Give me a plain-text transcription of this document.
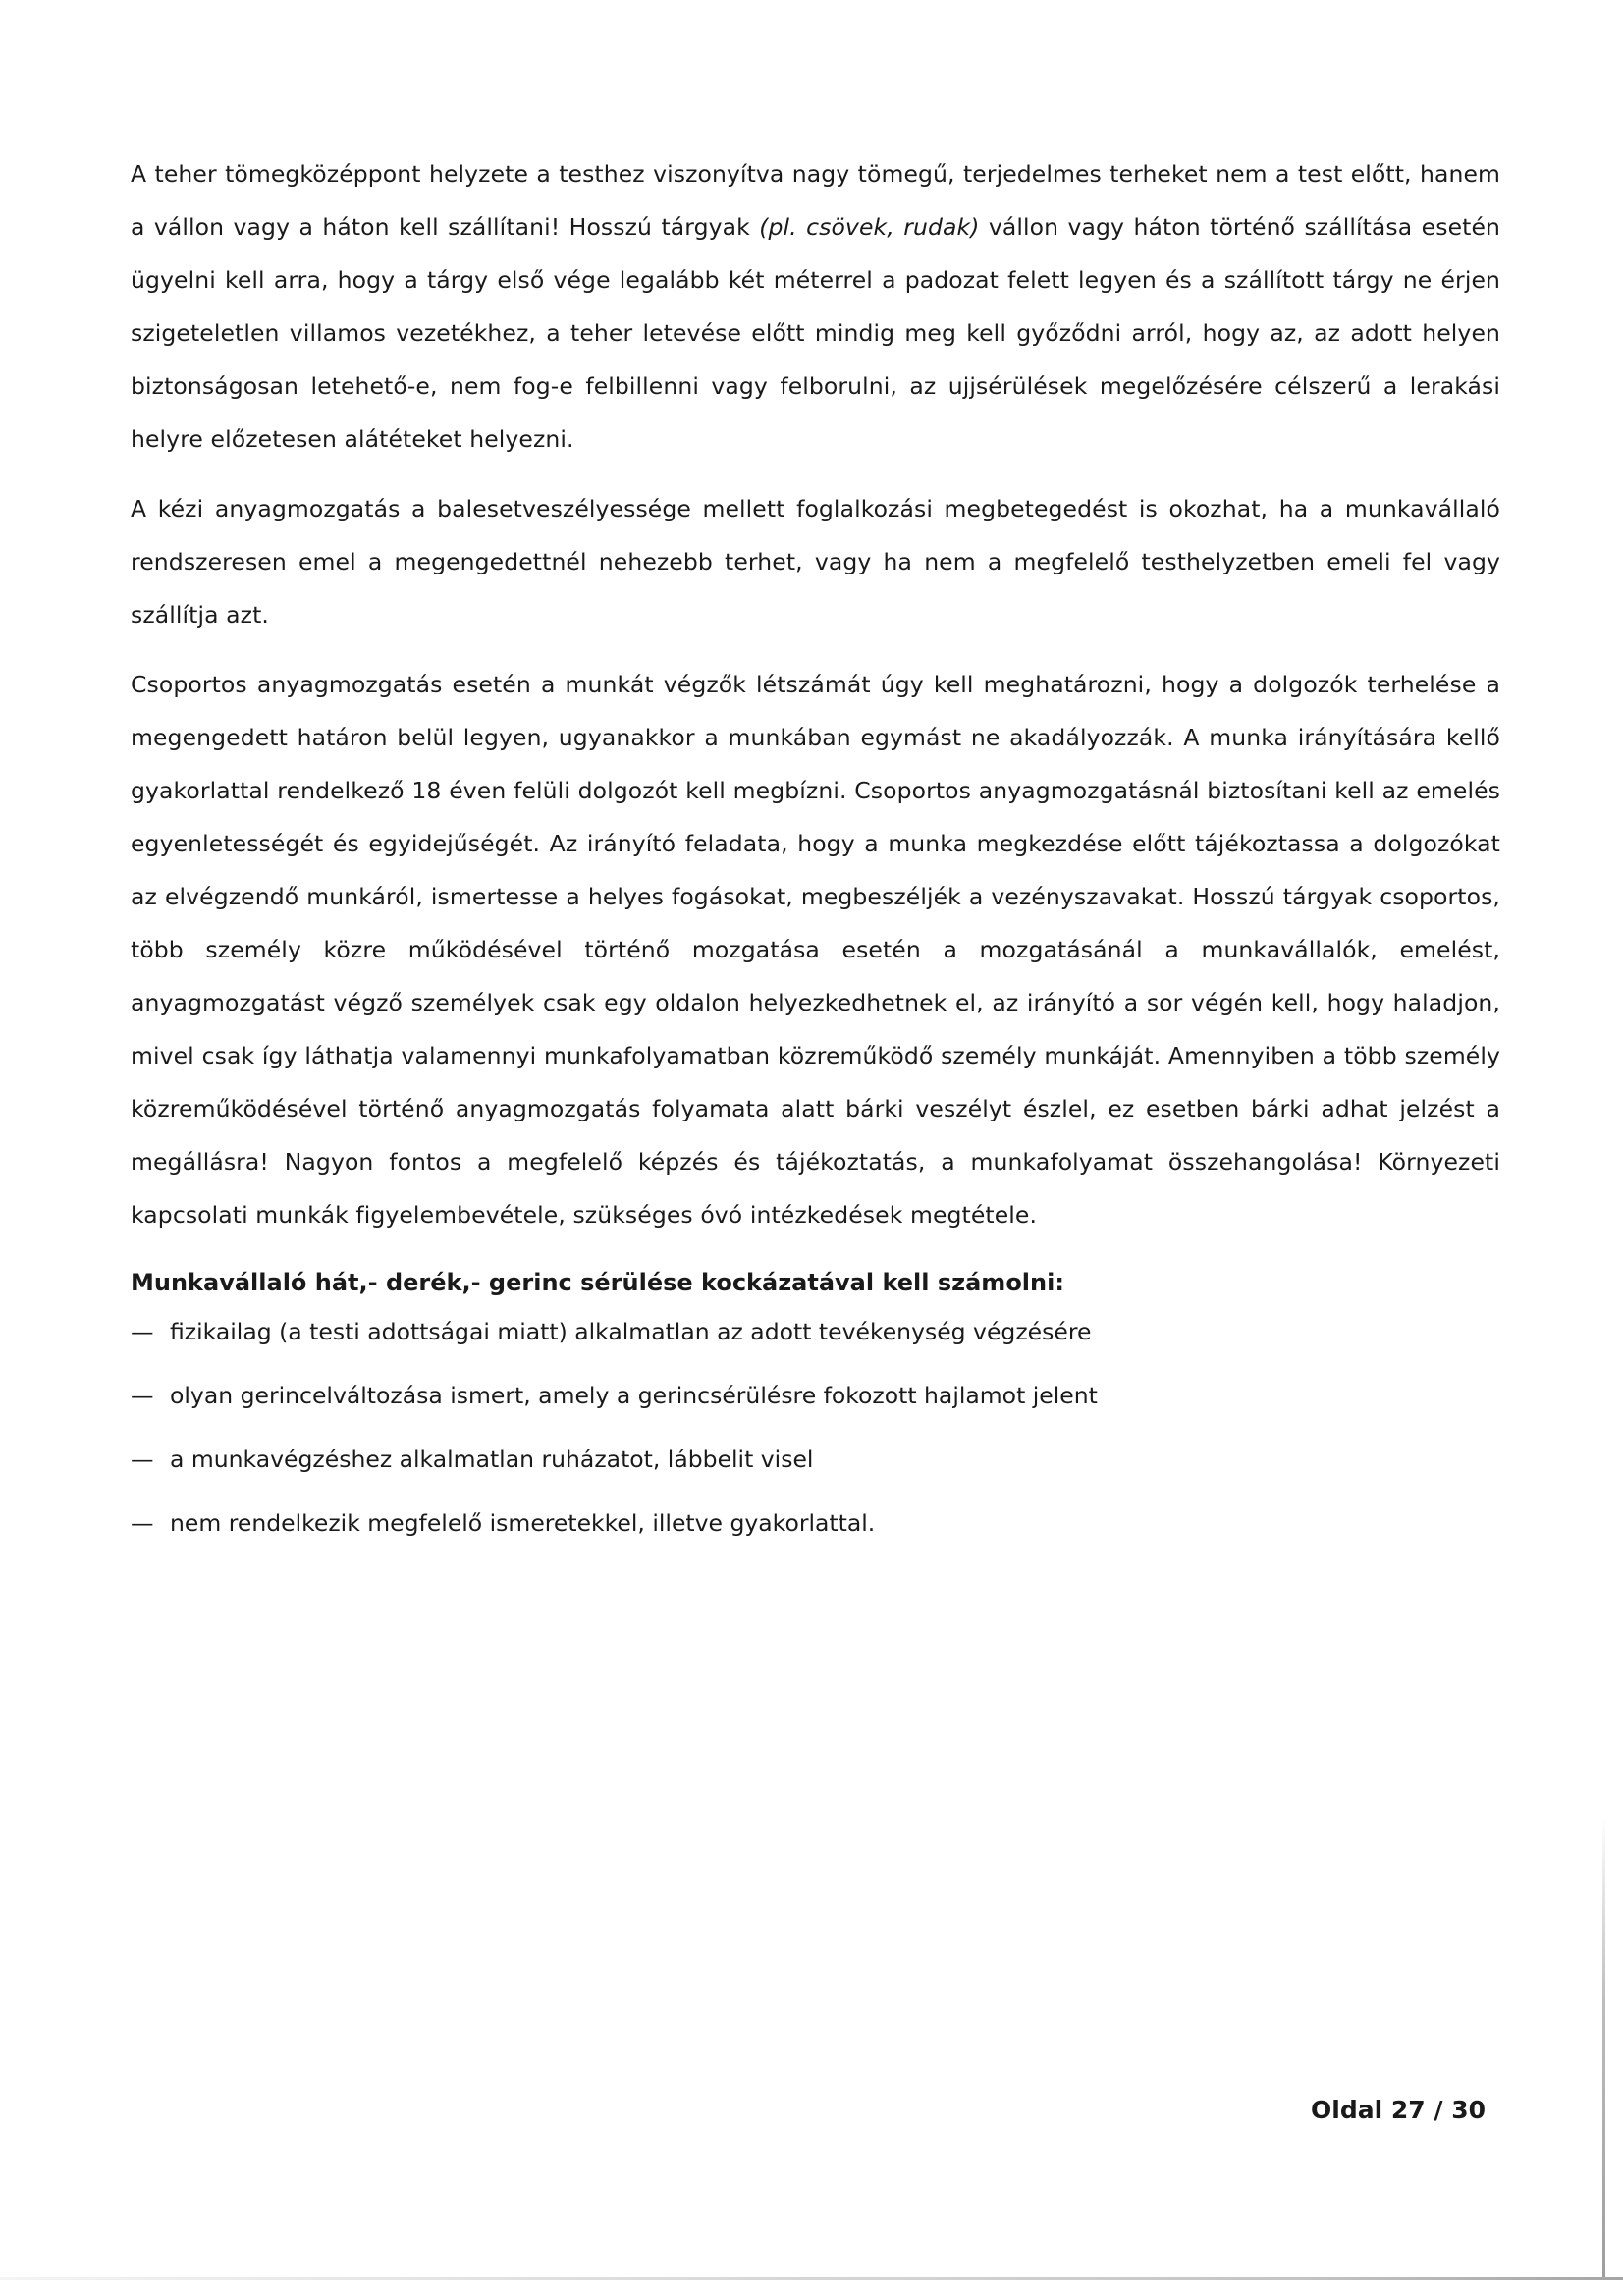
A teher tömegközéppont helyzete a testhez viszonyítva nagy tömegű, terjedelmes terheket nem a test előtt, hanem a vállon vagy a háton kell szállítani! Hosszú tárgyak (pl. csövek, rudak) vállon vagy háton történő szállítása esetén ügyelni kell arra, hogy a tárgy első vége legalább két méterrel a padozat felett legyen és a szállított tárgy ne érjen szigeteletlen villamos vezetékhez, a teher letevése előtt mindig meg kell győződni arról, hogy az, az adott helyen biztonságosan letehető-e, nem fog-e felbillenni vagy felborulni, az ujjsérülések megelőzésére célszerű a lerakási helyre előzetesen alátéteket helyezni.

A kézi anyagmozgatás a balesetveszélyessége mellett foglalkozási megbetegedést is okozhat, ha a munkavállaló rendszeresen emel a megengedettnél nehezebb terhet, vagy ha nem a megfelelő testhelyzetben emeli fel vagy szállítja azt.

Csoportos anyagmozgatás esetén a munkát végzők létszámát úgy kell meghatározni, hogy a dolgozók terhelése a megengedett határon belül legyen, ugyanakkor a munkában egymást ne akadályozzák. A munka irányítására kellő gyakorlattal rendelkező 18 éven felüli dolgozót kell megbízni. Csoportos anyagmozgatásnál biztosítani kell az emelés egyenletességét és egyidejűségét. Az irányító feladata, hogy a munka megkezdése előtt tájékoztassa a dolgozókat az elvégzendő munkáról, ismertesse a helyes fogásokat, megbeszéljék a vezényszavakat. Hosszú tárgyak csoportos, több személy közre működésével történő mozgatása esetén a mozgatásánál a munkavállalók, emelést, anyagmozgatást végző személyek csak egy oldalon helyezkedhetnek el, az irányító a sor végén kell, hogy haladjon, mivel csak így láthatja valamennyi munkafolyamatban közreműködő személy munkáját. Amennyiben a több személy közreműködésével történő anyagmozgatás folyamata alatt bárki veszélyt észlel, ez esetben bárki adhat jelzést a megállásra! Nagyon fontos a megfelelő képzés és tájékoztatás, a munkafolyamat összehangolása! Környezeti kapcsolati munkák figyelembevétele, szükséges óvó intézkedések megtétele.

Munkavállaló hát,- derék,- gerinc sérülése kockázatával kell számolni:
— fizikailag (a testi adottságai miatt) alkalmatlan az adott tevékenység végzésére
— olyan gerincelváltozása ismert, amely a gerincsérülésre fokozott hajlamot jelent
— a munkavégzéshez alkalmatlan ruházatot, lábbelit visel
— nem rendelkezik megfelelő ismeretekkel, illetve gyakorlattal.
Oldal 27 / 30
